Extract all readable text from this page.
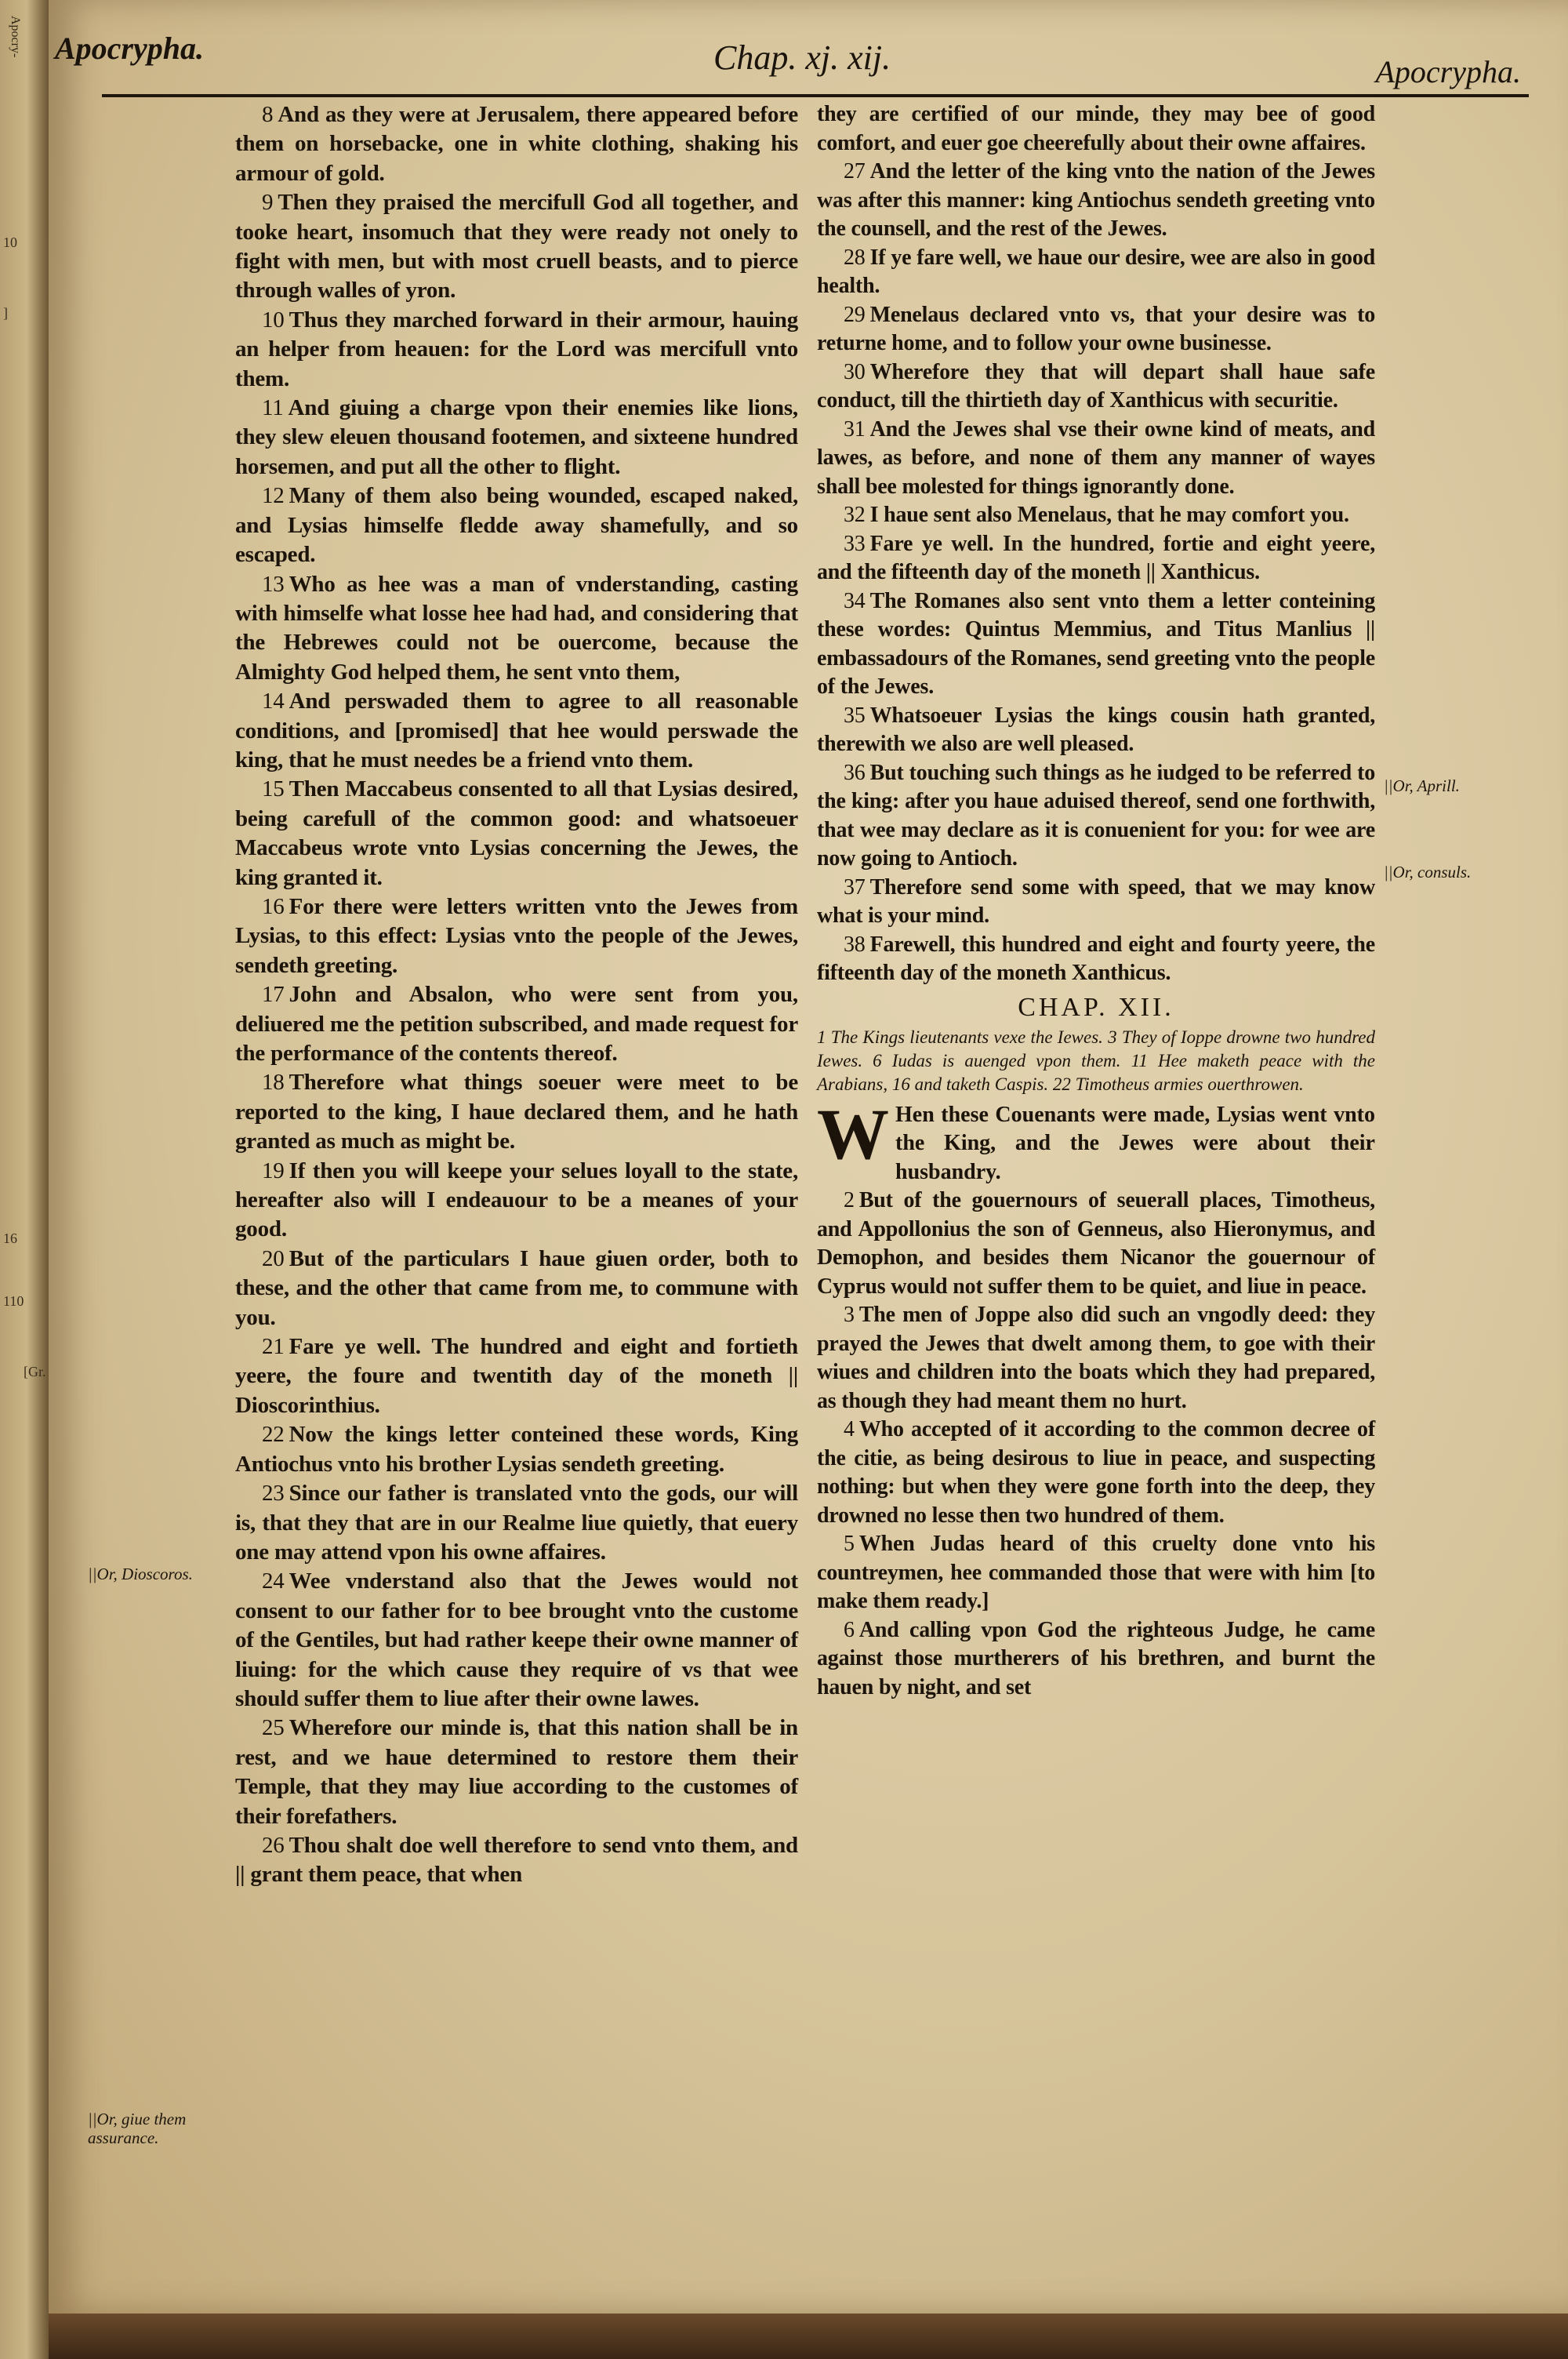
10
]
16
110
[Gr.
Apocry- Apocrypha.	Chap. xj. xij.	Apocrypha.

8 And as they were at Jerusalem, there appeared before them on horsebacke, one in white clothing, shaking his armour of gold.

9 Then they praised the mercifull God all together, and tooke heart, insomuch that they were ready not onely to fight with men, but with most cruell beasts, and to pierce through walles of yron.

10 Thus they marched forward in their armour, hauing an helper from heauen: for the Lord was mercifull vnto them.

11 And giuing a charge vpon their enemies like lions, they slew eleuen thousand footemen, and sixteene hundred horsemen, and put all the other to flight.

12 Many of them also being wounded, escaped naked, and Lysias himselfe fledde away shamefully, and so escaped.

13 Who as hee was a man of vnderstanding, casting with himselfe what losse hee had had, and considering that the Hebrewes could not be ouercome, because the Almighty God helped them, he sent vnto them,

14 And perswaded them to agree to all reasonable conditions, and [promised] that hee would perswade the king, that he must needes be a friend vnto them.

15 Then Maccabeus consented to all that Lysias desired, being carefull of the common good: and whatsoeuer Maccabeus wrote vnto Lysias concerning the Jewes, the king granted it.

16 For there were letters written vnto the Jewes from Lysias, to this effect: Lysias vnto the people of the Jewes, sendeth greeting.

17 John and Absalon, who were sent from you, deliuered me the petition subscribed, and made request for the performance of the contents thereof.

18 Therefore what things soeuer were meet to be reported to the king, I haue declared them, and he hath granted as much as might be.

19 If then you will keepe your selues loyall to the state, hereafter also will I endeauour to be a meanes of your good.

20 But of the particulars I haue giuen order, both to these, and the other that came from me, to commune with you.

21 Fare ye well. The hundred and eight and fortieth yeere, the foure and twentith day of the moneth || Dioscorinthius.

22 Now the kings letter conteined these words, King Antiochus vnto his brother Lysias sendeth greeting.

23 Since our father is translated vnto the gods, our will is, that they that are in our Realme liue quietly, that euery one may attend vpon his owne affaires.

24 Wee vnderstand also that the Jewes would not consent to our father for to bee brought vnto the custome of the Gentiles, but had rather keepe their owne manner of liuing: for the which cause they require of vs that wee should suffer them to liue after their owne lawes.

25 Wherefore our minde is, that this nation shall be in rest, and we haue determined to restore them their Temple, that they may liue according to the customes of their forefathers.

26 Thou shalt doe well therefore to send vnto them, and || grant them peace, that when

they are certified of our minde, they may bee of good comfort, and euer goe cheerefully about their owne affaires.

27 And the letter of the king vnto the nation of the Jewes was after this manner: king Antiochus sendeth greeting vnto the counsell, and the rest of the Jewes.

28 If ye fare well, we haue our desire, wee are also in good health.

29 Menelaus declared vnto vs, that your desire was to returne home, and to follow your owne businesse.

30 Wherefore they that will depart shall haue safe conduct, till the thirtieth day of Xanthicus with securitie.

31 And the Jewes shal vse their owne kind of meats, and lawes, as before, and none of them any manner of wayes shall bee molested for things ignorantly done.

32 I haue sent also Menelaus, that he may comfort you.

33 Fare ye well. In the hundred, fortie and eight yeere, and the fifteenth day of the moneth || Xanthicus.

34 The Romanes also sent vnto them a letter conteining these wordes: Quintus Memmius, and Titus Manlius || embassadours of the Romanes, send greeting vnto the people of the Jewes.

35 Whatsoeuer Lysias the kings cousin hath granted, therewith we also are well pleased.

36 But touching such things as he iudged to be referred to the king: after you haue aduised thereof, send one forthwith, that wee may declare as it is conuenient for you: for wee are now going to Antioch.

37 Therefore send some with speed, that we may know what is your mind.

38 Farewell, this hundred and eight and fourty yeere, the fifteenth day of the moneth Xanthicus.

CHAP. XII.

1 The Kings lieutenants vexe the Iewes. 3 They of Ioppe drowne two hundred Iewes. 6 Iudas is auenged vpon them. 11 Hee maketh peace with the Arabians, 16 and taketh Caspis. 22 Timotheus armies ouerthrowen.

W Hen these Couenants were made, Lysias went vnto the King, and the Jewes were about their husbandry.

2 But of the gouernours of seuerall places, Timotheus, and Appollonius the son of Genneus, also Hieronymus, and Demophon, and besides them Nicanor the gouernour of Cyprus would not suffer them to be quiet, and liue in peace.

3 The men of Joppe also did such an vngodly deed: they prayed the Jewes that dwelt among them, to goe with their wiues and children into the boats which they had prepared, as though they had meant them no hurt.

4 Who accepted of it according to the common decree of the citie, as being desirous to liue in peace, and suspecting nothing: but when they were gone forth into the deep, they drowned no lesse then two hundred of them.

5 When Judas heard of this cruelty done vnto his countreymen, hee commanded those that were with him [to make them ready.]

6 And calling vpon God the righteous Judge, he came against those murtherers of his brethren, and burnt the hauen by night, and set

||Or, Dioscoros.
||Or, giue them assurance.
||Or, Aprill.
||Or, consuls.
